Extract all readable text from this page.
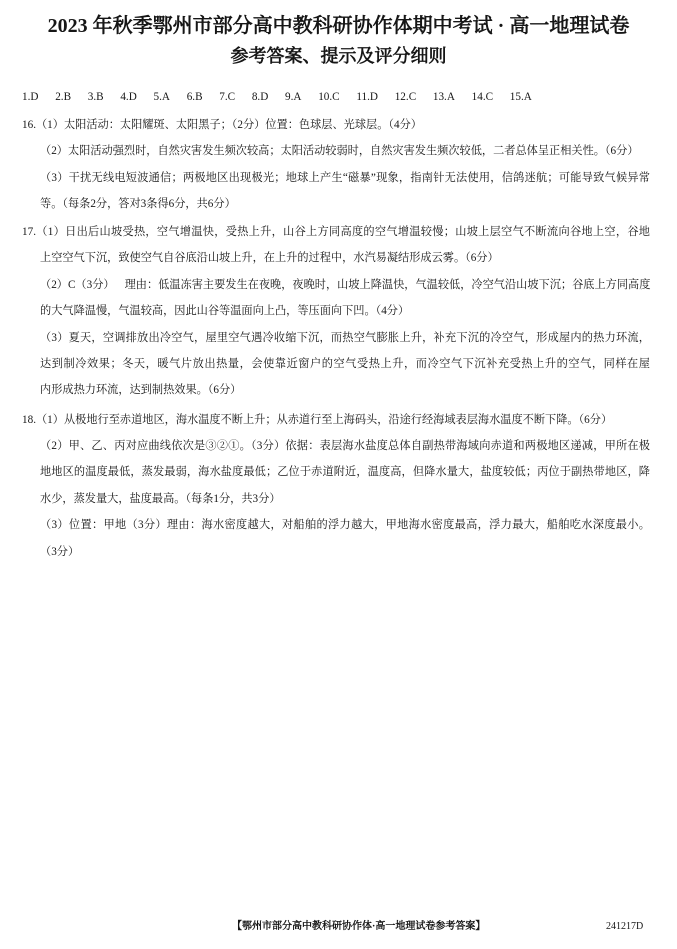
2023 年秋季鄂州市部分高中教科研协作体期中考试 · 高一地理试卷
参考答案、提示及评分细则
1.D 2.B 3.B 4.D 5.A 6.B 7.C 8.D 9.A 10.C 11.D 12.C 13.A 14.C 15.A
16.（1）太阳活动：太阳耀斑、太阳黑子；（2分）位置：色球层、光球层。（4分）
（2）太阳活动强烈时，自然灾害发生频次较高；太阳活动较弱时，自然灾害发生频次较低，二者总体呈正相关性。（6分）
（3）干扰无线电短波通信；两极地区出现极光；地球上产生“磁暴”现象，指南针无法使用，信鸽迷航；可能导致气候异常
等。（每条2分，答对3条得6分，共6分）
17.（1）日出后山坡受热，空气增温快，受热上升，山谷上方同高度的空气增温较慢；山坡上层空气不断流向谷地上空，谷地
上空空气下沉，致使空气自谷底沿山坡上升，在上升的过程中，水汽易凝结形成云雾。（6分）
（2）C（3分） 理由：低温冻害主要发生在夜晚，夜晚时，山坡上降温快，气温较低，冷空气沿山坡下沉；谷底上方同高度
的大气降温慢，气温较高，因此山谷等温面向上凸，等压面向下凹。（4分）
（3）夏天，空调排放出冷空气，屋里空气遇冷收缩下沉，而热空气膨胀上升，补充下沉的冷空气，形成屋内的热力环流，
达到制冷效果；冬天，暖气片放出热量，会使靠近窗户的空气受热上升，而冷空气下沉补充受热上升的空气，同样在屋
内形成热力环流，达到制热效果。（6分）
18.（1）从极地行至赤道地区，海水温度不断上升；从赤道行至上海码头，沿途行经海域表层海水温度不断下降。（6分）
（2）甲、乙、丙对应曲线依次是③②①。（3分）依据：表层海水盐度总体自副热带海域向赤道和两极地区递减，甲所在极
地地区的温度最低，蒸发最弱，海水盐度最低；乙位于赤道附近，温度高，但降水量大，盐度较低；丙位于副热带地区，降
水少，蒸发量大，盐度最高。（每条1分，共3分）
（3）位置：甲地（3分）理由：海水密度越大，对船舶的浮力越大，甲地海水密度最高，浮力最大，船舶吃水深度最小。
（3分）
【鄂州市部分高中教科研协作体·高一地理试卷参考答案】	241217D
